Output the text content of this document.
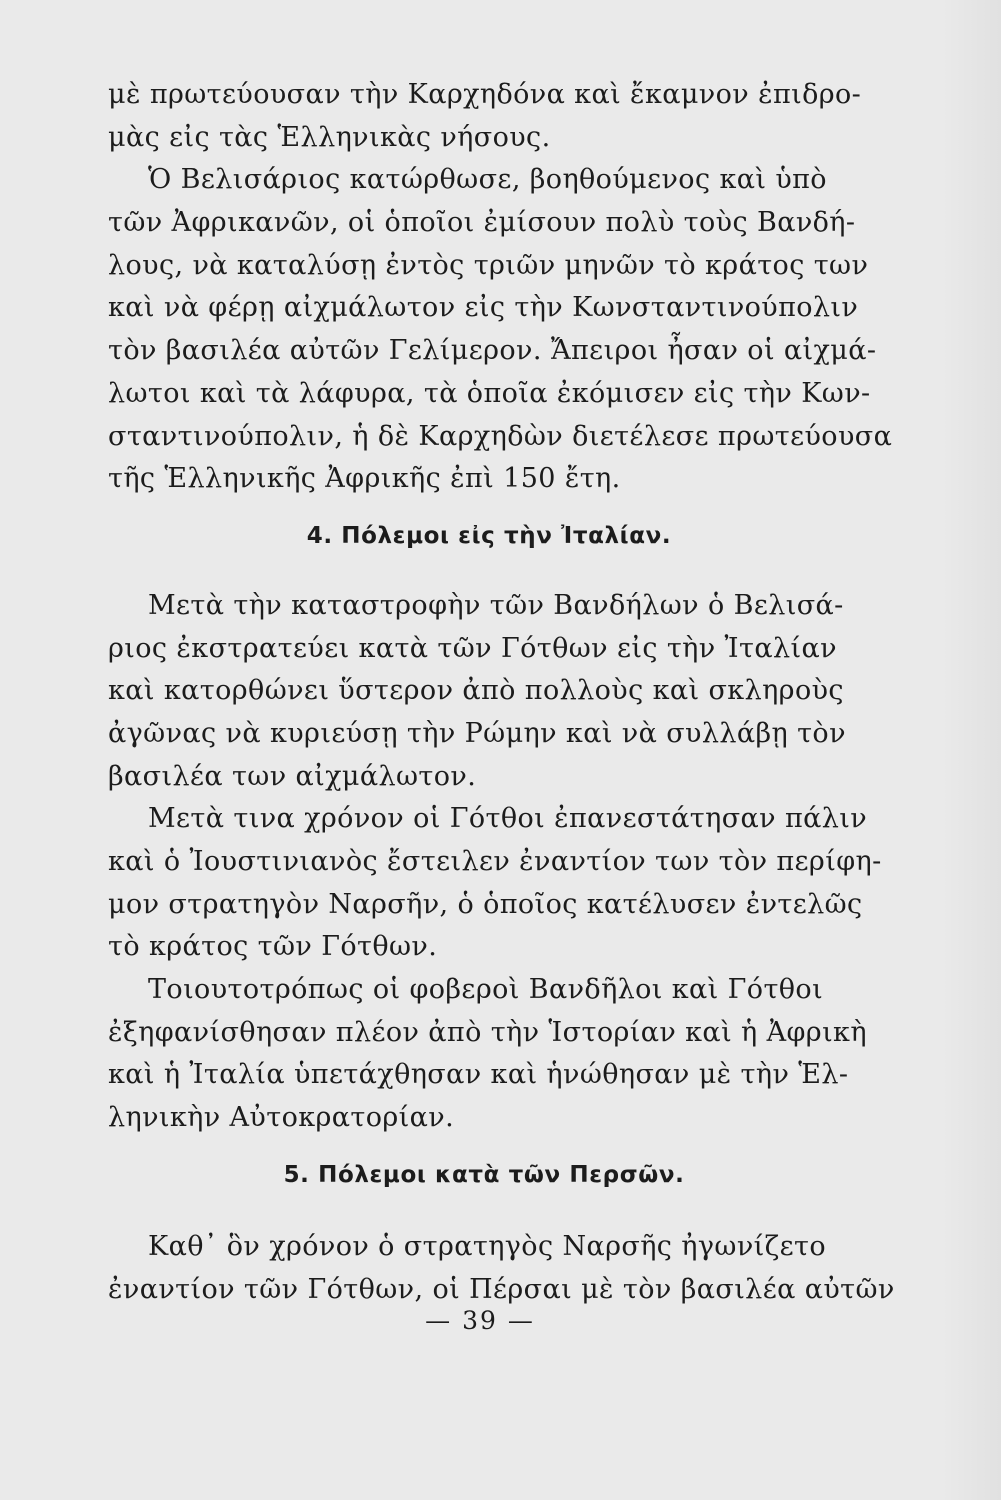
μὲ πρωτεύουσαν τὴν Καρχηδόνα καὶ ἔκαμνον ἐπιδρο-
μὰς εἰς τὰς Ἑλληνικὰς νήσους.
Ὁ Βελισάριος κατώρθωσε, βοηθούμενος καὶ ὑπὸ
τῶν Ἀφρικανῶν, οἱ ὁποῖοι ἐμίσουν πολὺ τοὺς Βανδή-
λους, νὰ καταλύσῃ ἐντὸς τριῶν μηνῶν τὸ κράτος των
καὶ νὰ φέρῃ αἰχμάλωτον εἰς τὴν Κωνσταντινούπολιν
τὸν βασιλέα αὐτῶν Γελίμερον. Ἄπειροι ἦσαν οἱ αἰχμά-
λωτοι καὶ τὰ λάφυρα, τὰ ὁποῖα ἐκόμισεν εἰς τὴν Κων-
σταντινούπολιν, ἡ δὲ Καρχηδὼν διετέλεσε πρωτεύουσα
τῆς Ἑλληνικῆς Ἀφρικῆς ἐπὶ 150 ἔτη.
4. Πόλεμοι εἰς τὴν Ἰταλίαν.
Μετὰ τὴν καταστροφὴν τῶν Βανδήλων ὁ Βελισά-
ριος ἐκστρατεύει κατὰ τῶν Γότθων εἰς τὴν Ἰταλίαν
καὶ κατορθώνει ὕστερον ἀπὸ πολλοὺς καὶ σκληροὺς
ἀγῶνας νὰ κυριεύσῃ τὴν Ρώμην καὶ νὰ συλλάβῃ τὸν
βασιλέα των αἰχμάλωτον.
Μετὰ τινα χρόνον οἱ Γότθοι ἐπανεστάτησαν πάλιν
καὶ ὁ Ἰουστινιανὸς ἔστειλεν ἐναντίον των τὸν περίφη-
μον στρατηγὸν Ναρσῆν, ὁ ὁποῖος κατέλυσεν ἐντελῶς
τὸ κράτος τῶν Γότθων.
Τοιουτοτρόπως οἱ φοβεροὶ Βανδῆλοι καὶ Γότθοι
ἐξηφανίσθησαν πλέον ἀπὸ τὴν Ἱστορίαν καὶ ἡ Ἀφρικὴ
καὶ ἡ Ἰταλία ὑπετάχθησαν καὶ ἡνώθησαν μὲ τὴν Ἑλ-
ληνικὴν Αὐτοκρατορίαν.
5. Πόλεμοι κατὰ τῶν Περσῶν.
Καθ᾽ ὃν χρόνον ὁ στρατηγὸς Ναρσῆς ἠγωνίζετο
ἐναντίον τῶν Γότθων, οἱ Πέρσαι μὲ τὸν βασιλέα αὐτῶν
— 39 —
